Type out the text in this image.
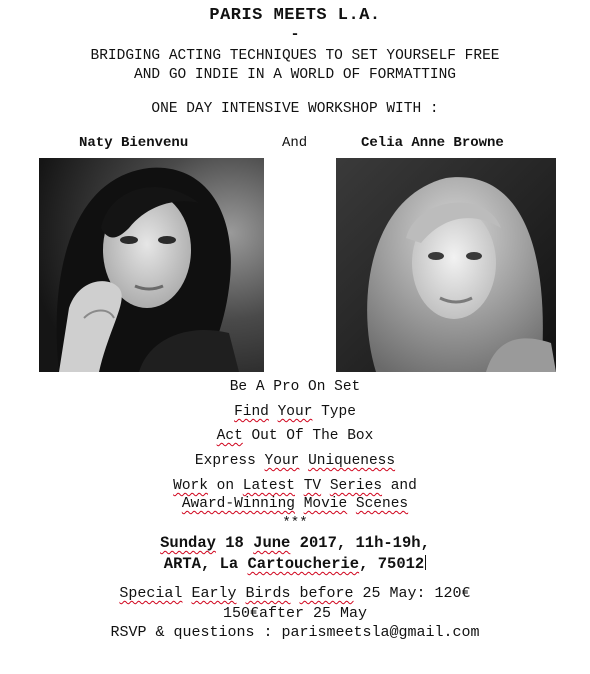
PARIS MEETS L.A.
-
BRIDGING ACTING TECHNIQUES TO SET YOURSELF FREE
AND GO INDIE IN A WORLD OF FORMATTING
ONE DAY INTENSIVE WORKSHOP WITH :
Naty Bienvenu	And	Celia Anne Browne
Be A Pro On Set
Find Your Type
Act Out Of The Box
Express Your Uniqueness
Work on Latest TV Series and
Award-Winning Movie Scenes
***
Sunday 18 June 2017, 11h-19h,
ARTA, La Cartoucherie, 75012
Special Early Birds before 25 May: 120€
150€after 25 May
RSVP & questions : parismeetsla@gmail.com
